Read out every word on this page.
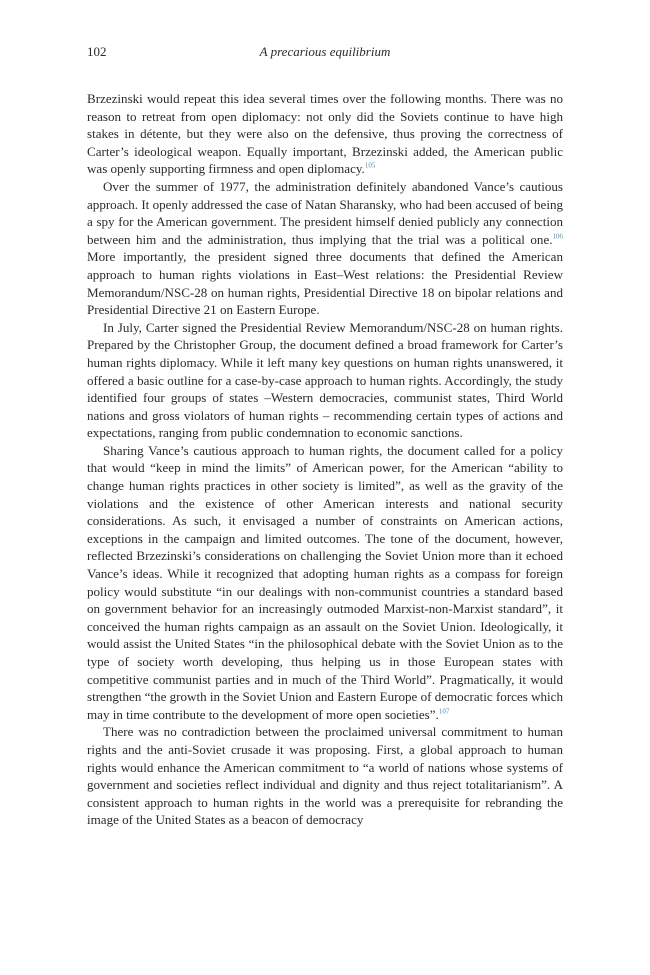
102	A precarious equilibrium

Brzezinski would repeat this idea several times over the following months. There was no reason to retreat from open diplomacy: not only did the Soviets continue to have high stakes in détente, but they were also on the defensive, thus proving the correctness of Carter’s ideological weapon. Equally important, Brzezinski added, the American public was openly supporting firmness and open diplomacy.$^{105}$

Over the summer of 1977, the administration definitely abandoned Vance’s cautious approach. It openly addressed the case of Natan Sharansky, who had been accused of being a spy for the American government. The president himself denied publicly any connection between him and the administration, thus implying that the trial was a political one.$^{106}$ More importantly, the president signed three documents that defined the American approach to human rights violations in East–West relations: the Presidential Review Memorandum/NSC-28 on human rights, Presidential Directive 18 on bipolar relations and Presidential Directive 21 on Eastern Europe.

In July, Carter signed the Presidential Review Memorandum/NSC-28 on human rights. Prepared by the Christopher Group, the document defined a broad framework for Carter’s human rights diplomacy. While it left many key questions on human rights unanswered, it offered a basic outline for a case-by-case approach to human rights. Accordingly, the study identified four groups of states –Western democracies, communist states, Third World nations and gross violators of human rights – recommending certain types of actions and expectations, ranging from public condemnation to economic sanctions.

Sharing Vance’s cautious approach to human rights, the document called for a policy that would “keep in mind the limits” of American power, for the American “ability to change human rights practices in other society is limited”, as well as the gravity of the violations and the existence of other American interests and national security considerations. As such, it envisaged a number of constraints on American actions, exceptions in the campaign and limited outcomes. The tone of the document, however, reflected Brzezinski’s considerations on challenging the Soviet Union more than it echoed Vance’s ideas. While it recognized that adopting human rights as a compass for foreign policy would substitute “in our dealings with non-communist countries a standard based on government behavior for an increasingly outmoded Marxist-non-Marxist standard”, it conceived the human rights campaign as an assault on the Soviet Union. Ideologically, it would assist the United States “in the philosophical debate with the Soviet Union as to the type of society worth developing, thus helping us in those European states with competitive communist parties and in much of the Third World”. Pragmatically, it would strengthen “the growth in the Soviet Union and Eastern Europe of democratic forces which may in time contribute to the development of more open societies”.$^{107}$

There was no contradiction between the proclaimed universal commitment to human rights and the anti-Soviet crusade it was proposing. First, a global approach to human rights would enhance the American commitment to “a world of nations whose systems of government and societies reflect individual and dignity and thus reject totalitarianism”. A consistent approach to human rights in the world was a prerequisite for rebranding the image of the United States as a beacon of democracy
